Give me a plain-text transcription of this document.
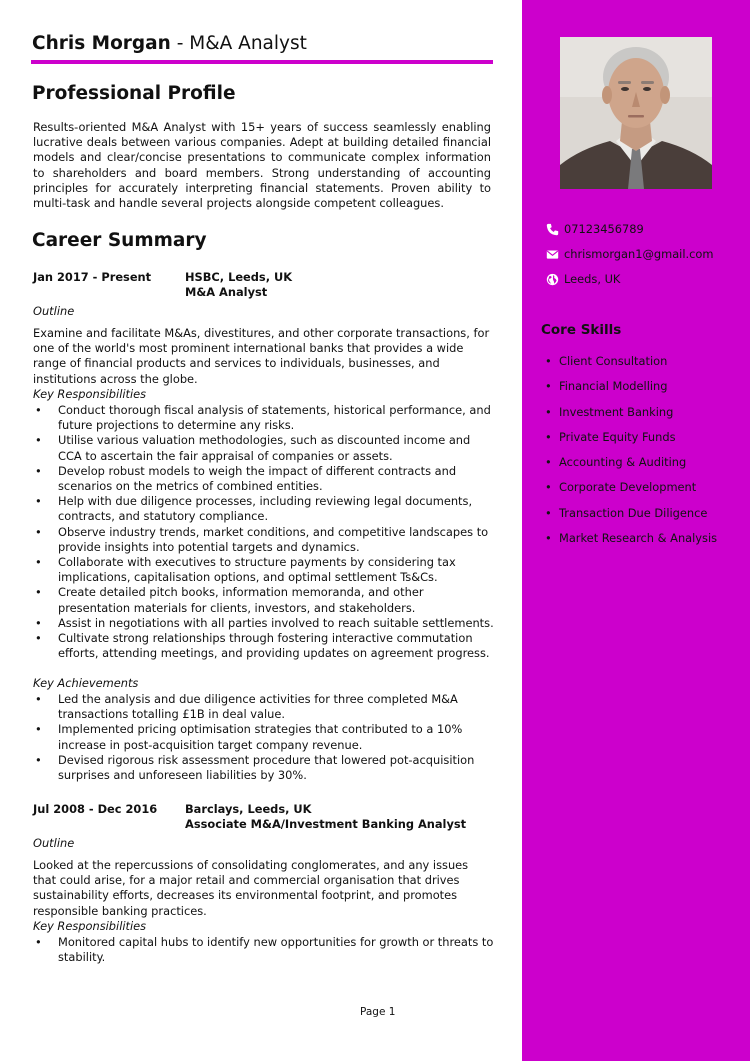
Chris Morgan - M&A Analyst
Professional Profile

Results-oriented M&A Analyst with 15+ years of success seamlessly enabling lucrative deals between various companies. Adept at building detailed financial models and clear/concise presentations to communicate complex information to shareholders and board members. Strong understanding of accounting principles for accurately interpreting financial statements. Proven ability to multi-task and handle several projects alongside competent colleagues.

Career Summary
Jan 2017 - Present	HSBC, Leeds, UK
M&A Analyst
Outline

Examine and facilitate M&As, divestitures, and other corporate transactions, for one of the world's most prominent international banks that provides a wide range of financial products and services to individuals, businesses, and institutions across the globe.

Key Responsibilities
• Conduct thorough fiscal analysis of statements, historical performance, and future projections to determine any risks.
• Utilise various valuation methodologies, such as discounted income and CCA to ascertain the fair appraisal of companies or assets.
• Develop robust models to weigh the impact of different contracts and scenarios on the metrics of combined entities.
• Help with due diligence processes, including reviewing legal documents, contracts, and statutory compliance.
• Observe industry trends, market conditions, and competitive landscapes to provide insights into potential targets and dynamics.
• Collaborate with executives to structure payments by considering tax implications, capitalisation options, and optimal settlement Ts&Cs.
• Create detailed pitch books, information memoranda, and other presentation materials for clients, investors, and stakeholders.
• Assist in negotiations with all parties involved to reach suitable settlements.
• Cultivate strong relationships through fostering interactive commutation efforts, attending meetings, and providing updates on agreement progress.
Key Achievements
• Led the analysis and due diligence activities for three completed M&A transactions totalling £1B in deal value.
• Implemented pricing optimisation strategies that contributed to a 10% increase in post-acquisition target company revenue.
• Devised rigorous risk assessment procedure that lowered pot-acquisition surprises and unforeseen liabilities by 30%.
Jul 2008 - Dec 2016 Barclays, Leeds, UK
Associate M&A/Investment Banking Analyst
Outline

Looked at the repercussions of consolidating conglomerates, and any issues that could arise, for a major retail and commercial organisation that drives sustainability efforts, decreases its environmental footprint, and promotes responsible banking practices.

Key Responsibilities
• Monitored capital hubs to identify new opportunities for growth or threats to stability.
Page 1
07123456789
chrismorgan1@gmail.com
Leeds, UK
Core Skills
• Client Consultation
• Financial Modelling
• Investment Banking
• Private Equity Funds
• Accounting & Auditing
• Corporate Development
• Transaction Due Diligence
• Market Research & Analysis
